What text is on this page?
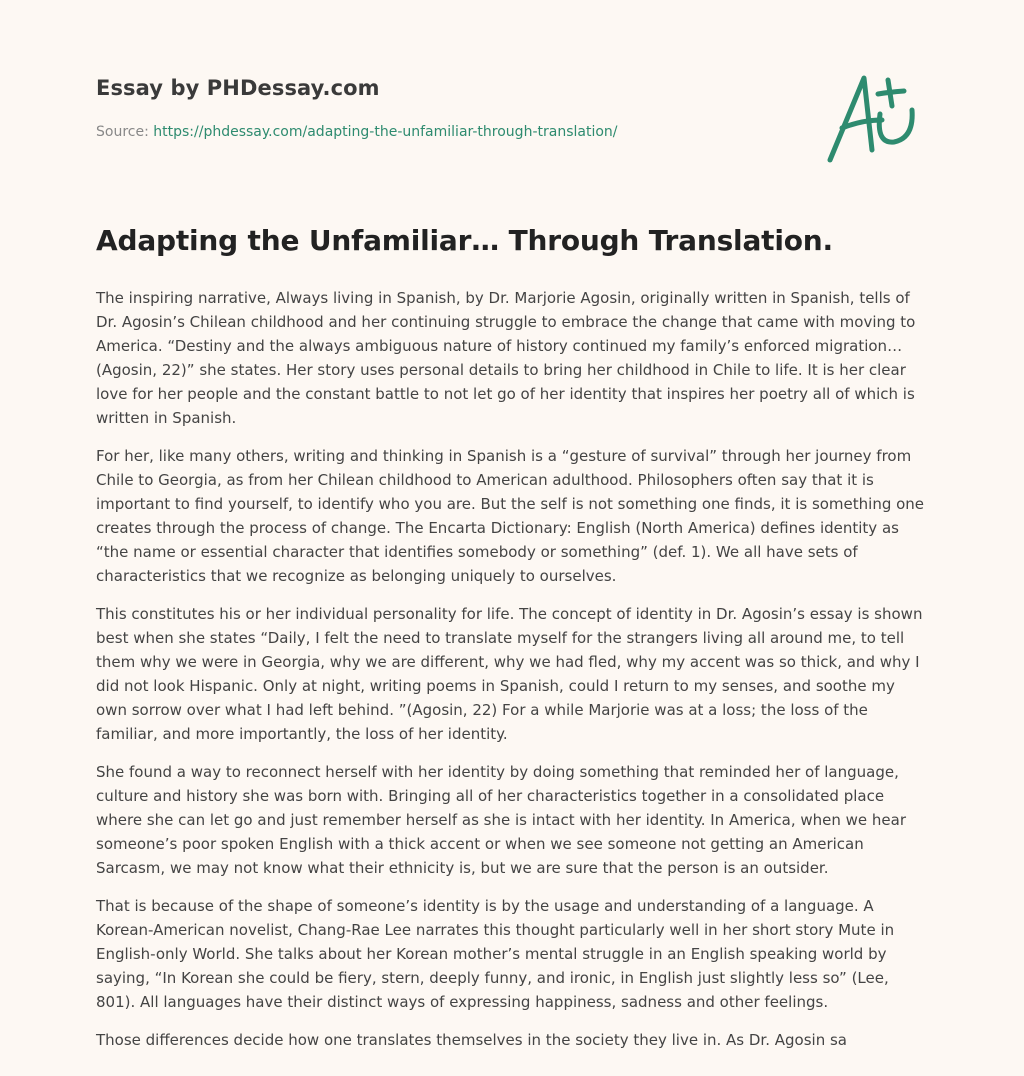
Essay by PHDessay.com
Source: https://phdessay.com/adapting-the-unfamiliar-through-translation/
Adapting the Unfamiliar… Through Translation.

The inspiring narrative, Always living in Spanish, by Dr. Marjorie Agosin, originally written in Spanish, tells of Dr. Agosin’s Chilean childhood and her continuing struggle to embrace the change that came with moving to America. “Destiny and the always ambiguous nature of history continued my family’s enforced migration… (Agosin, 22)” she states. Her story uses personal details to bring her childhood in Chile to life. It is her clear love for her people and the constant battle to not let go of her identity that inspires her poetry all of which is written in Spanish.

For her, like many others, writing and thinking in Spanish is a “gesture of survival” through her journey from Chile to Georgia, as from her Chilean childhood to American adulthood. Philosophers often say that it is important to find yourself, to identify who you are. But the self is not something one finds, it is something one creates through the process of change. The Encarta Dictionary: English (North America) defines identity as “the name or essential character that identifies somebody or something” (def. 1). We all have sets of characteristics that we recognize as belonging uniquely to ourselves.

This constitutes his or her individual personality for life. The concept of identity in Dr. Agosin’s essay is shown best when she states “Daily, I felt the need to translate myself for the strangers living all around me, to tell them why we were in Georgia, why we are different, why we had fled, why my accent was so thick, and why I did not look Hispanic. Only at night, writing poems in Spanish, could I return to my senses, and soothe my own sorrow over what I had left behind. ”(Agosin, 22) For a while Marjorie was at a loss; the loss of the familiar, and more importantly, the loss of her identity.

She found a way to reconnect herself with her identity by doing something that reminded her of language, culture and history she was born with. Bringing all of her characteristics together in a consolidated place where she can let go and just remember herself as she is intact with her identity. In America, when we hear someone’s poor spoken English with a thick accent or when we see someone not getting an American Sarcasm, we may not know what their ethnicity is, but we are sure that the person is an outsider.

That is because of the shape of someone’s identity is by the usage and understanding of a language. A Korean-American novelist, Chang-Rae Lee narrates this thought particularly well in her short story Mute in English-only World. She talks about her Korean mother’s mental struggle in an English speaking world by saying, “In Korean she could be fiery, stern, deeply funny, and ironic, in English just slightly less so” (Lee, 801). All languages have their distinct ways of expressing happiness, sadness and other feelings.

Those differences decide how one translates themselves in the society they live in. As Dr. Agosin sa
